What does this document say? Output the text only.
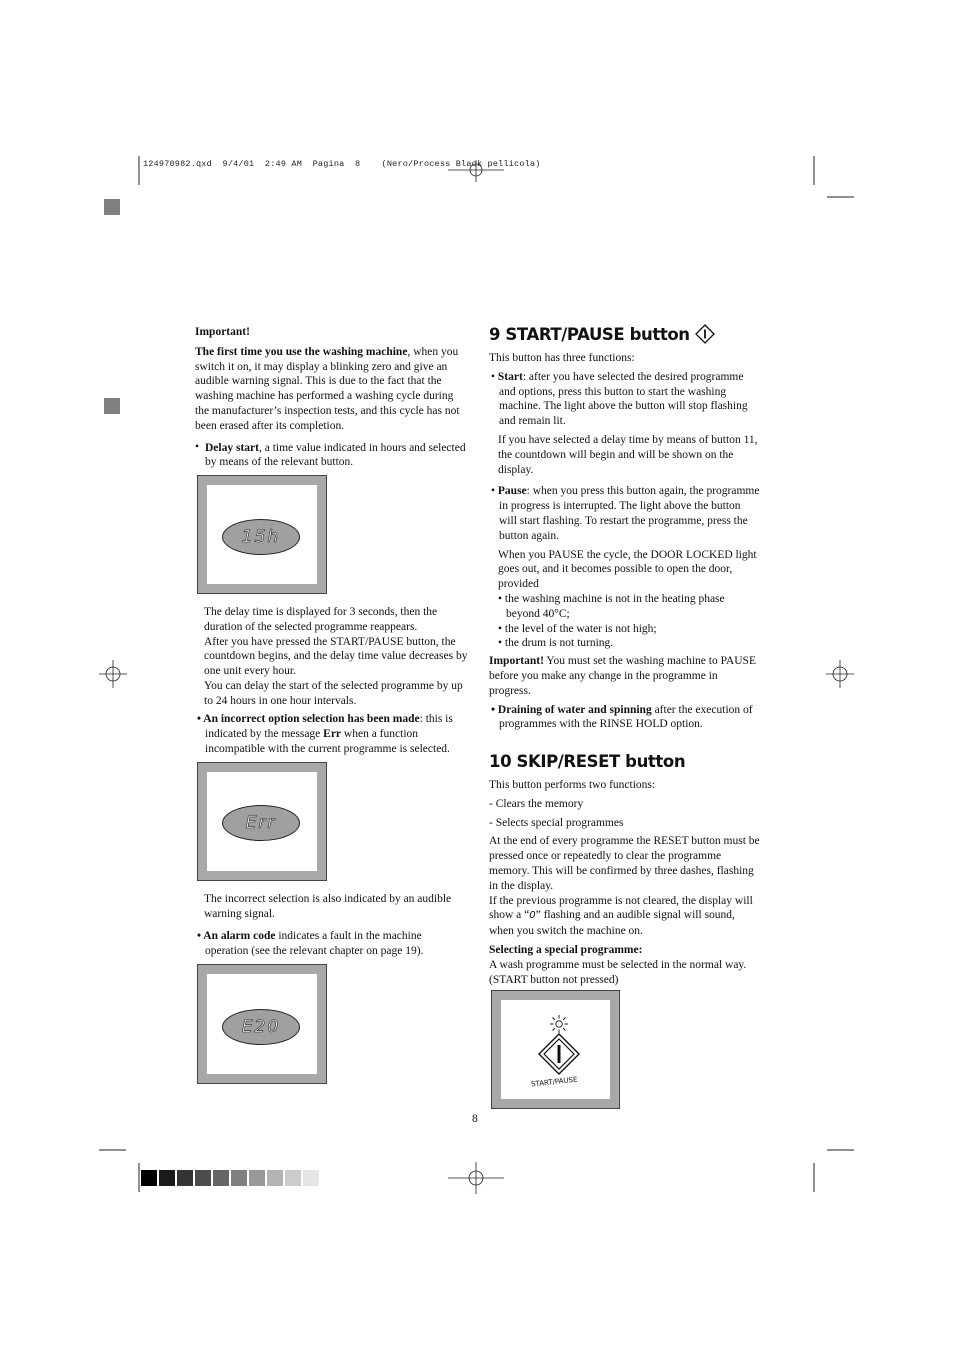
124970982.qxd  9/4/01  2:49 AM  Pagina  8    (Nero/Process Black pellicola)

Important!

The first time you use the washing machine, when you switch it on, it may display a blinking zero and give an audible warning signal. This is due to the fact that the washing machine has performed a washing cycle during the manufacturer’s inspection tests, and this cycle has not been erased after its completion.

• Delay start, a time value indicated in hours and selected by means of the relevant button.

15h

The delay time is displayed for 3 seconds, then the duration of the selected programme reappears.

After you have pressed the START/PAUSE button, the countdown begins, and the delay time value decreases by one unit every hour.

You can delay the start of the selected programme by up to 24 hours in one hour intervals.

• An incorrect option selection has been made: this is indicated by the message Err when a function incompatible with the current programme is selected.

Err

The incorrect selection is also indicated by an audible warning signal.

• An alarm code indicates a fault in the machine operation (see the relevant chapter on page 19).

E20
9 START/PAUSE button

This button has three functions:

• Start: after you have selected the desired programme and options, press this button to start the washing machine. The light above the button will stop flashing and remain lit.

If you have selected a delay time by means of button 11, the countdown will begin and will be shown on the display.

• Pause: when you press this button again, the programme in progress is interrupted. The light above the button will start flashing. To restart the programme, press the button again.

When you PAUSE the cycle, the DOOR LOCKED light goes out, and it becomes possible to open the door, provided

• the washing machine is not in the heating phase beyond 40°C;

• the level of the water is not high;

• the drum is not turning.

Important! You must set the washing machine to PAUSE before you make any change in the programme in progress.

• Draining of water and spinning after the execution of programmes with the RINSE HOLD option.

10 SKIP/RESET button

This button performs two functions:

- Clears the memory

- Selects special programmes

At the end of every programme the RESET button must be pressed once or repeatedly to clear the programme memory. This will be confirmed by three dashes, flashing in the display.

If the previous programme is not cleared, the display will show a “0” flashing and an audible signal will sound, when you switch the machine on.

Selecting a special programme:

A wash programme must be selected in the normal way.

(START button not pressed)

START/PAUSE
8
